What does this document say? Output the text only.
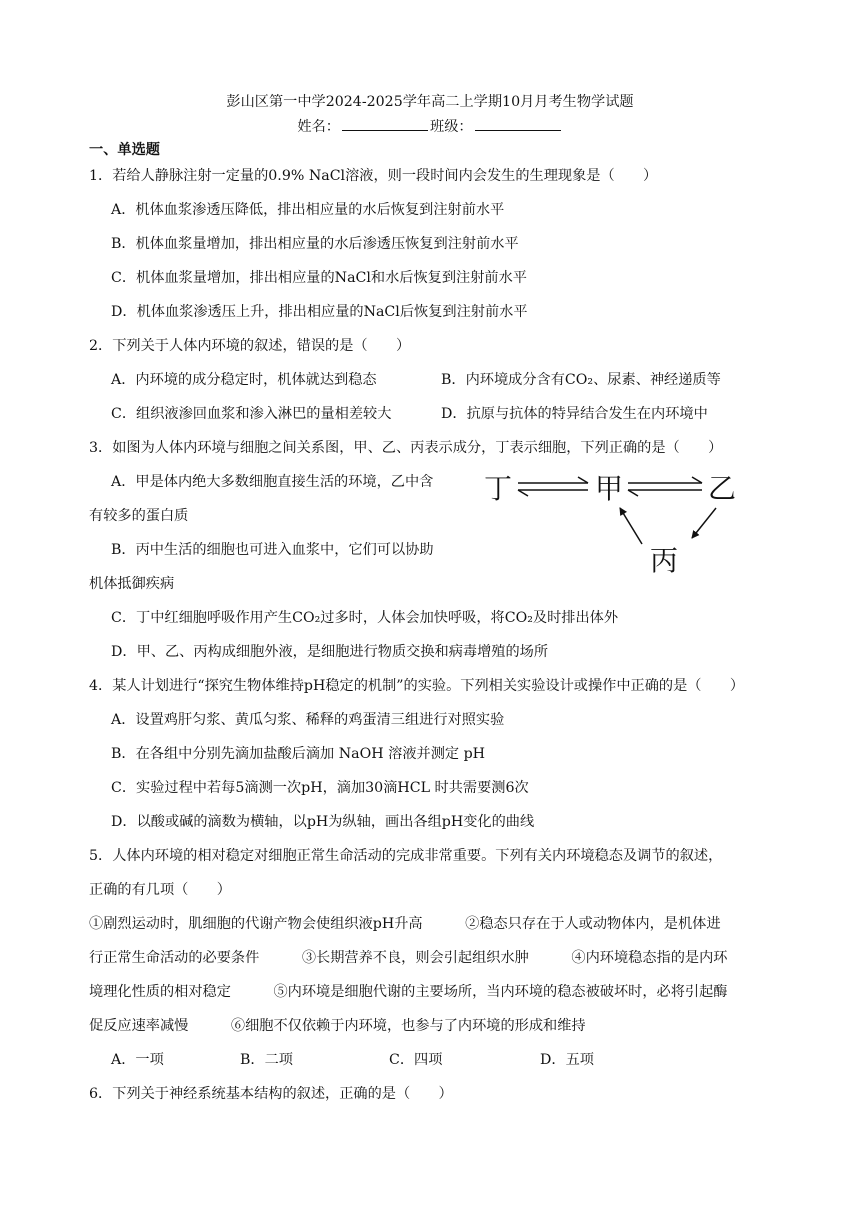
彭山区第一中学2024-2025学年高二上学期10月月考生物学试题
姓名：	班级：
一、单选题
1．若给人静脉注射一定量的0.9% NaCl溶液，则一段时间内会发生的生理现象是（　　）
A．机体血浆渗透压降低，排出相应量的水后恢复到注射前水平
B．机体血浆量增加，排出相应量的水后渗透压恢复到注射前水平
C．机体血浆量增加，排出相应量的NaCl和水后恢复到注射前水平
D．机体血浆渗透压上升，排出相应量的NaCl后恢复到注射前水平
2．下列关于人体内环境的叙述，错误的是（　　）
A．内环境的成分稳定时，机体就达到稳态	B．内环境成分含有CO₂、尿素、神经递质等
C．组织液渗回血浆和渗入淋巴的量相差较大	D．抗原与抗体的特异结合发生在内环境中
3．如图为人体内环境与细胞之间关系图，甲、乙、丙表示成分，丁表示细胞，下列正确的是（　　）
A．甲是体内绝大多数细胞直接生活的环境，乙中含
有较多的蛋白质
B．丙中生活的细胞也可进入血浆中，它们可以协助
机体抵御疾病
C．丁中红细胞呼吸作用产生CO₂过多时，人体会加快呼吸，将CO₂及时排出体外
D．甲、乙、丙构成细胞外液，是细胞进行物质交换和病毒增殖的场所
丁	甲	乙
丙
4．某人计划进行“探究生物体维持pH稳定的机制”的实验。下列相关实验设计或操作中正确的是（　　）
A．设置鸡肝匀浆、黄瓜匀浆、稀释的鸡蛋清三组进行对照实验
B．在各组中分别先滴加盐酸后滴加 NaOH 溶液并测定 pH
C．实验过程中若每5滴测一次pH，滴加30滴HCL 时共需要测6次
D．以酸或碱的滴数为横轴，以pH为纵轴，画出各组pH变化的曲线
5．人体内环境的相对稳定对细胞正常生命活动的完成非常重要。下列有关内环境稳态及调节的叙述，
正确的有几项（　　）
①剧烈运动时，肌细胞的代谢产物会使组织液pH升高　　　②稳态只存在于人或动物体内，是机体进
行正常生命活动的必要条件　　　③长期营养不良，则会引起组织水肿　　　④内环境稳态指的是内环
境理化性质的相对稳定　　　⑤内环境是细胞代谢的主要场所，当内环境的稳态被破坏时，必将引起酶
促反应速率减慢　　　⑥细胞不仅依赖于内环境，也参与了内环境的形成和维持
A．一项	B．二项	C．四项	D．五项
6．下列关于神经系统基本结构的叙述，正确的是（　　）
